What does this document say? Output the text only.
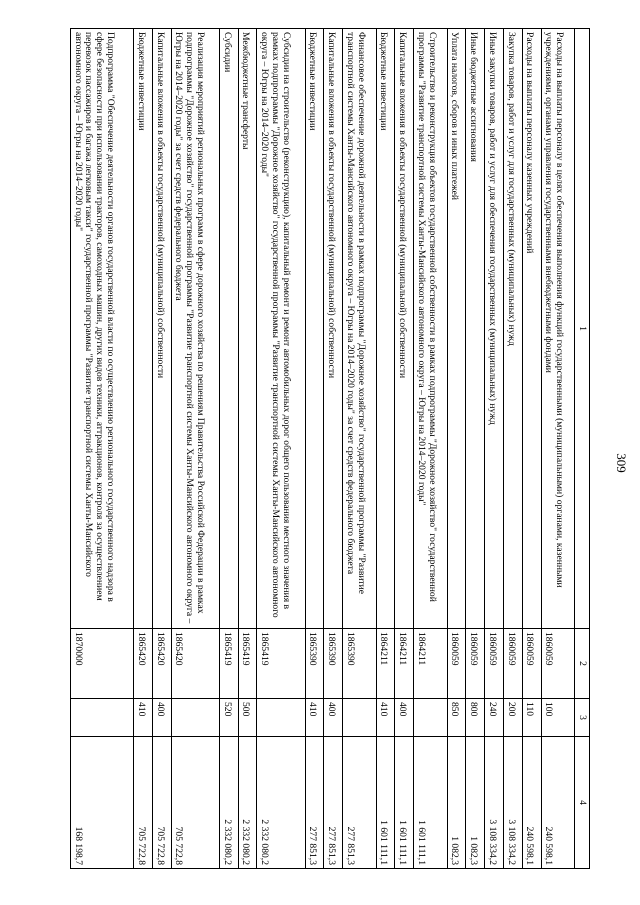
309
1	2	3	4
Расходы на выплаты персоналу в целях обеспечения выполнения функций государственными (муниципальными) органами, казенными учреждениями, органами управления государственными внебюджетными фондами	1860059	100	240 598,1
Расходы на выплаты персоналу казенных учреждений	1860059	110	240 598,1
Закупка товаров, работ и услуг для государственных (муниципальных) нужд	1860059	200	3 108 334,2
Иные закупки товаров, работ и услуг для обеспечения государственных (муниципальных) нужд	1860059	240	3 108 334,2
Иные бюджетные ассигнования	1860059	800	1 082,3
Уплата налогов, сборов и иных платежей	1860059	850	1 082,3
Строительство и реконструкция объектов государственной собственности в рамках подпрограммы "Дорожное хозяйство" государственной программы "Развитие транспортной системы Ханты-Мансийского автономного округа – Югры на 2014–2020 годы"	1864211		1 601 111,1
Капитальные вложения в объекты государственной (муниципальной) собственности	1864211	400	1 601 111,1
Бюджетные инвестиции	1864211	410	1 601 111,1
Финансовое обеспечение дорожной деятельности в рамках подпрограммы "Дорожное хозяйство" государственной программы "Развитие транспортной системы Ханты-Мансийского автономного округа – Югры на 2014–2020 годы" за счет средств федерального бюджета	1865390		277 851,3
Капитальные вложения в объекты государственной (муниципальной) собственности	1865390	400	277 851,3
Бюджетные инвестиции	1865390	410	277 851,3
Субсидии на строительство (реконструкцию), капитальный ремонт и ремонт автомобильных дорог общего пользования местного значения в рамках подпрограммы "Дорожное хозяйство" государственной программы "Развитие транспортной системы Ханты-Мансийского автономного округа – Югры на 2014–2020 годы"	1865419		2 332 080,2
Межбюджетные трансферты	1865419	500	2 332 080,2
Субсидии	1865419	520	2 332 080,2
Реализация мероприятий региональных программ в сфере дорожного хозяйства по решениям Правительства Российской Федерации в рамках подпрограммы "Дорожное хозяйство" государственной программы "Развитие транспортной системы Ханты-Мансийского автономного округа – Югры на 2014–2020 годы" за счет средств федерального бюджета	1865420		705 722,8
Капитальные вложения в объекты государственной (муниципальной) собственности	1865420	400	705 722,8
Бюджетные инвестиции	1865420	410	705 722,8
Подпрограмма "Обеспечение деятельности органов государственной власти по осуществлению регионального государственного надзора в сфере безопасности при использовании тракторов, самоходных машин, других видов техники, аттракционов, контроля за осуществлением перевозок пассажиров и багажа легковым такси" государственной программы "Развитие транспортной системы Ханты-Мансийского автономного округа – Югры на 2014–2020 годы"	1870000		168 198,7
